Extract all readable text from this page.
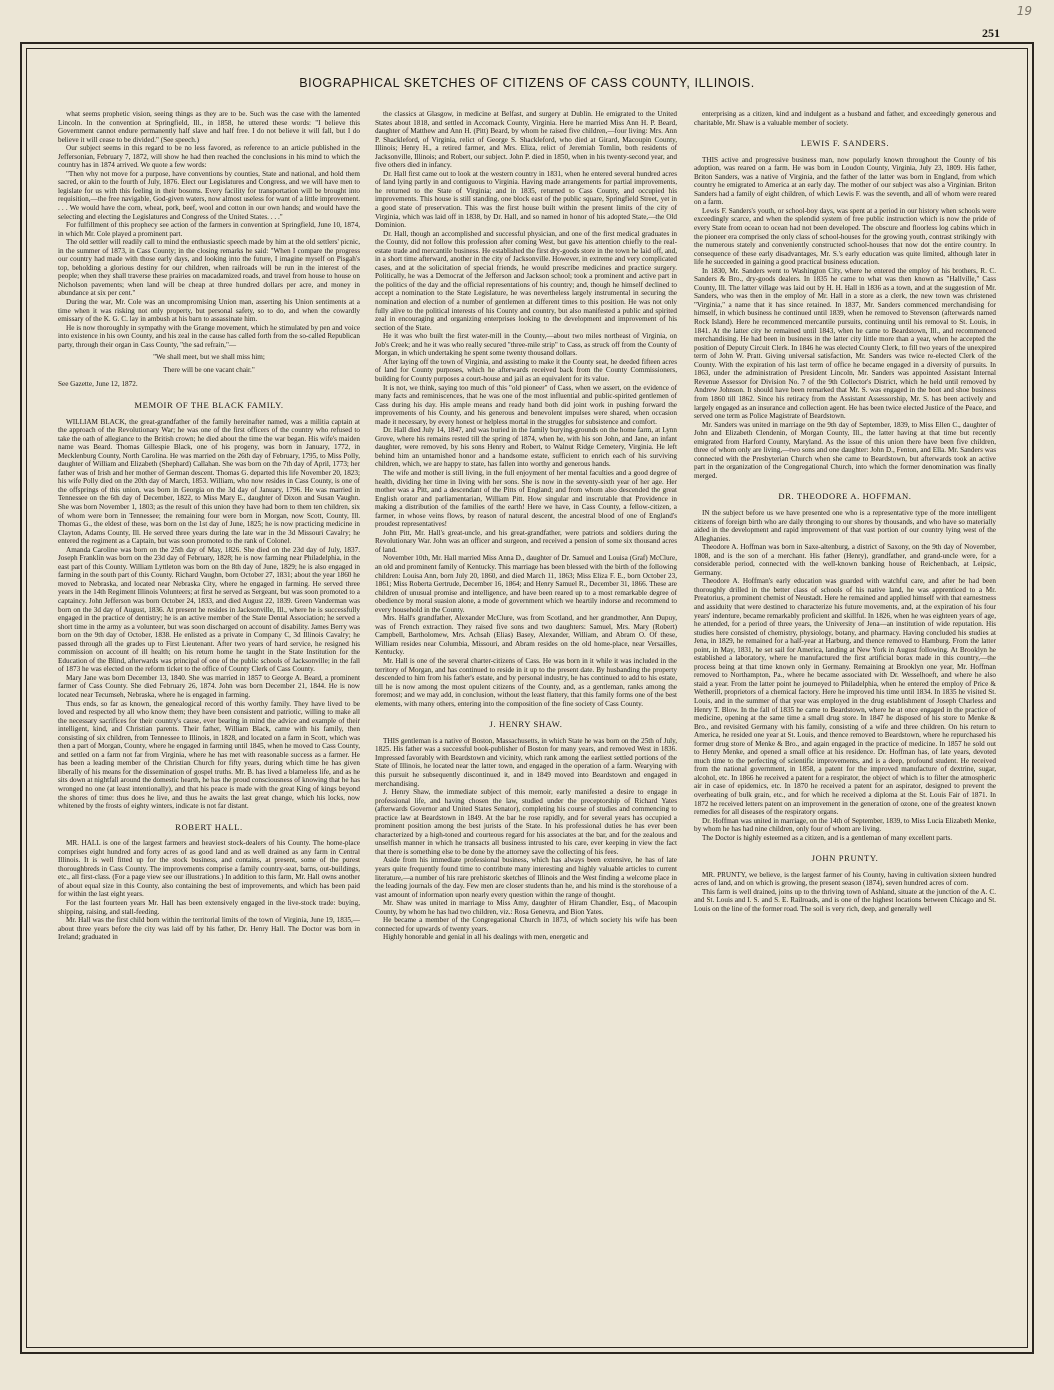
19
251
BIOGRAPHICAL SKETCHES OF CITIZENS OF CASS COUNTY, ILLINOIS.

what seems prophetic vision, seeing things as they are to be. Such was the case with the lamented Lincoln. In the convention at Springfield, Ill., in 1858, he uttered these words: "I believe this Government cannot endure permanently half slave and half free. I do not believe it will fall, but I do believe it will cease to be divided." (See speech.)

Our subject seems in this regard to be no less favored, as reference to an article published in the Jeffersonian, February 7, 1872, will show he had then reached the conclusions in his mind to which the country has in 1874 arrived. We quote a few words:

"Then why not move for a purpose, have conventions by counties, State and national, and hold them sacred, or akin to the fourth of July, 1876. Elect our Legislatures and Congress, and we will have men to legislate for us with this feeling in their bosoms. Every facility for transportation will be brought into requisition,—the free navigable, God-given waters, now almost useless for want of a little improvement. . . . We would have the corn, wheat, pork, beef, wool and cotton in our own hands; and would have the selecting and electing the Legislatures and Congress of the United States. . . ."

For fulfillment of this prophecy see action of the farmers in convention at Springfield, June 10, 1874, in which Mr. Cole played a prominent part.

The old settler will readily call to mind the enthusiastic speech made by him at the old settlers' picnic, in the summer of 1873, in Cass County; in the closing remarks he said: "When I compare the progress our country had made with those early days, and looking into the future, I imagine myself on Pisgah's top, beholding a glorious destiny for our children, when railroads will be run in the interest of the people; when they shall traverse these prairies on macadamized roads, and travel from house to house on Nicholson pavements; when land will be cheap at three hundred dollars per acre, and money in abundance at six per cent."

During the war, Mr. Cole was an uncompromising Union man, asserting his Union sentiments at a time when it was risking not only property, but personal safety, so to do, and when the cowardly emissary of the K. G. C. lay in ambush at his barn to assassinate him.

He is now thoroughly in sympathy with the Grange movement, which he stimulated by pen and voice into existence in his own County, and his zeal in the cause has called forth from the so-called Republican party, through their organ in Cass County, "the sad refrain,"—

"We shall meet, but we shall miss him;

There will be one vacant chair."

See Gazette, June 12, 1872.

MEMOIR OF THE BLACK FAMILY.

WILLIAM BLACK, the great-grandfather of the family hereinafter named, was a militia captain at the approach of the Revolutionary War; he was one of the first officers of the country who refused to take the oath of allegiance to the British crown; he died about the time the war began. His wife's maiden name was Beard. Thomas Gillespie Black, one of his progeny, was born in January, 1772, in Mecklenburg County, North Carolina. He was married on the 26th day of February, 1795, to Miss Polly, daughter of William and Elizabeth (Shephard) Callahan. She was born on the 7th day of April, 1773; her father was of Irish and her mother of German descent. Thomas G. departed this life November 20, 1823; his wife Polly died on the 20th day of March, 1853. William, who now resides in Cass County, is one of the offsprings of this union, was born in Georgia on the 3d day of January, 1796. He was married in Tennessee on the 6th day of December, 1822, to Miss Mary E., daughter of Dixon and Susan Vaughn. She was born November 1, 1803; as the result of this union they have had born to them ten children, six of whom were born in Tennessee; the remaining four were born in Morgan, now Scott, County, Ill. Thomas G., the eldest of these, was born on the 1st day of June, 1825; he is now practicing medicine in Clayton, Adams County, Ill. He served three years during the late war in the 3d Missouri Cavalry; he entered the regiment as a Captain, but was soon promoted to the rank of Colonel.

Amanda Caroline was born on the 25th day of May, 1826. She died on the 23d day of July, 1837. Joseph Franklin was born on the 23d day of February, 1828; he is now farming near Philadelphia, in the east part of this County. William Lyttleton was born on the 8th day of June, 1829; he is also engaged in farming in the south part of this County. Richard Vaughn, born October 27, 1831; about the year 1860 he moved to Nebraska, and located near Nebraska City, where he engaged in farming. He served three years in the 14th Regiment Illinois Volunteers; at first he served as Sergeant, but was soon promoted to a captaincy. John Jefferson was born October 24, 1833, and died August 22, 1839. Green Vanderman was born on the 3d day of August, 1836. At present he resides in Jacksonville, Ill., where he is successfully engaged in the practice of dentistry; he is an active member of the State Dental Association; he served a short time in the army as a volunteer, but was soon discharged on account of disability. James Berry was born on the 9th day of October, 1838. He enlisted as a private in Company C, 3d Illinois Cavalry; he passed through all the grades up to First Lieutenant. After two years of hard service, he resigned his commission on account of ill health; on his return home he taught in the State Institution for the Education of the Blind, afterwards was principal of one of the public schools of Jacksonville; in the fall of 1873 he was elected on the reform ticket to the office of County Clerk of Cass County.

Mary Jane was born December 13, 1840. She was married in 1857 to George A. Beard, a prominent farmer of Cass County. She died February 26, 1874. John was born December 21, 1844. He is now located near Tecumseh, Nebraska, where he is engaged in farming.

Thus ends, so far as known, the genealogical record of this worthy family. They have lived to be loved and respected by all who know them; they have been consistent and patriotic, willing to make all the necessary sacrifices for their country's cause, ever bearing in mind the advice and example of their intelligent, kind, and Christian parents. Their father, William Black, came with his family, then consisting of six children, from Tennessee to Illinois, in 1828, and located on a farm in Scott, which was then a part of Morgan, County, where he engaged in farming until 1845, when he moved to Cass County, and settled on a farm not far from Virginia, where he has met with reasonable success as a farmer. He has been a leading member of the Christian Church for fifty years, during which time he has given liberally of his means for the dissemination of gospel truths. Mr. B. has lived a blameless life, and as he sits down at nightfall around the domestic hearth, he has the proud consciousness of knowing that he has wronged no one (at least intentionally), and that his peace is made with the great King of kings beyond the shores of time: thus does he live, and thus he awaits the last great change, which his locks, now whitened by the frosts of eighty winters, indicate is not far distant.

ROBERT HALL.

MR. HALL is one of the largest farmers and heaviest stock-dealers of his County. The home-place comprises eight hundred and forty acres of as good land and as well drained as any farm in Central Illinois. It is well fitted up for the stock business, and contains, at present, some of the purest thoroughbreds in Cass County. The improvements comprise a family country-seat, barns, out-buildings, etc., all first-class. (For a page view see our illustrations.) In addition to this farm, Mr. Hall owns another of about equal size in this County, also containing the best of improvements, and which has been paid for within the last eight years.

For the last fourteen years Mr. Hall has been extensively engaged in the live-stock trade: buying, shipping, raising, and stall-feeding.

Mr. Hall was the first child born within the territorial limits of the town of Virginia, June 19, 1835,—about three years before the city was laid off by his father, Dr. Henry Hall. The Doctor was born in Ireland; graduated in

the classics at Glasgow, in medicine at Belfast, and surgery at Dublin. He emigrated to the United States about 1818, and settled in Accomack County, Virginia. Here he married Miss Ann H. P. Beard, daughter of Matthew and Ann H. (Pitt) Beard, by whom he raised five children,—four living: Mrs. Ann P. Shackleford, of Virginia, relict of George S. Shackleford, who died at Girard, Macoupin County, Illinois; Henry H., a retired farmer, and Mrs. Eliza, relict of Jeremiah Tomlin, both residents of Jacksonville, Illinois; and Robert, our subject. John P. died in 1850, when in his twenty-second year, and five others died in infancy.

Dr. Hall first came out to look at the western country in 1831, when he entered several hundred acres of land lying partly in and contiguous to Virginia. Having made arrangements for partial improvements, he returned to the State of Virginia; and in 1835, returned to Cass County, and occupied his improvements. This house is still standing, one block east of the public square, Springfield Street, yet in a good state of preservation. This was the first house built within the present limits of the city of Virginia, which was laid off in 1838, by Dr. Hall, and so named in honor of his adopted State,—the Old Dominion.

Dr. Hall, though an accomplished and successful physician, and one of the first medical graduates in the County, did not follow this profession after coming West, but gave his attention chiefly to the real-estate trade and mercantile business. He established the first dry-goods store in the town he laid off, and, in a short time afterward, another in the city of Jacksonville. However, in extreme and very complicated cases, and at the solicitation of special friends, he would prescribe medicines and practice surgery. Politically, he was a Democrat of the Jefferson and Jackson school; took a prominent and active part in the politics of the day and the official representations of his country; and, though he himself declined to accept a nomination to the State Legislature, he was nevertheless largely instrumental in securing the nomination and election of a number of gentlemen at different times to this position. He was not only fully alive to the political interests of his County and country, but also manifested a public and spirited zeal in encouraging and organizing enterprises looking to the development and improvement of his section of the State.

He it was who built the first water-mill in the County,—about two miles northeast of Virginia, on Job's Creek; and he it was who really secured "three-mile strip" to Cass, as struck off from the County of Morgan, in which undertaking he spent some twenty thousand dollars.

After laying off the town of Virginia, and assisting to make it the County seat, he deeded fifteen acres of land for County purposes, which he afterwards received back from the County Commissioners, building for County purposes a court-house and jail as an equivalent for its value.

It is not, we think, saying too much of this "old pioneer" of Cass, when we assert, on the evidence of many facts and reminiscences, that he was one of the most influential and public-spirited gentlemen of Cass during his day. His ample means and ready hand both did joint work in pushing forward the improvements of his County, and his generous and benevolent impulses were shared, when occasion made it necessary, by every honest or helpless mortal in the struggles for subsistence and comfort.

Dr. Hall died July 14, 1847, and was buried in the family burying-grounds on the home farm, at Lynn Grove, where his remains rested till the spring of 1874, when he, with his son John, and Jane, an infant daughter, were removed, by his sons Henry and Robert, to Walnut Ridge Cemetery, Virginia. He left behind him an untarnished honor and a handsome estate, sufficient to enrich each of his surviving children, which, we are happy to state, has fallen into worthy and generous hands.

The wife and mother is still living, in the full enjoyment of her mental faculties and a good degree of health, dividing her time in living with her sons. She is now in the seventy-sixth year of her age. Her mother was a Pitt, and a descendant of the Pitts of England; and from whom also descended the great English orator and parliamentarian, William Pitt. How singular and inscrutable that Providence in making a distribution of the families of the earth! Here we have, in Cass County, a fellow-citizen, a farmer, in whose veins flows, by reason of natural descent, the ancestral blood of one of England's proudest representatives!

John Pitt, Mr. Hall's great-uncle, and his great-grandfather, were patriots and soldiers during the Revolutionary War. John was an officer and surgeon, and received a pension of some six thousand acres of land.

November 10th, Mr. Hall married Miss Anna D., daughter of Dr. Samuel and Louisa (Graf) McClure, an old and prominent family of Kentucky. This marriage has been blessed with the birth of the following children: Louisa Ann, born July 20, 1860, and died March 11, 1863; Miss Eliza F. E., born October 23, 1861; Miss Roberta Gertrude, December 16, 1864; and Henry Samuel R., December 31, 1866. These are children of unusual promise and intelligence, and have been reared up to a most remarkable degree of obedience by moral suasion alone, a mode of government which we heartily indorse and recommend to every household in the County.

Mrs. Hall's grandfather, Alexander McClure, was from Scotland, and her grandmother, Ann Dupuy, was of French extraction. They raised five sons and two daughters: Samuel, Mrs. Mary (Robert) Campbell, Bartholomew, Mrs. Achsah (Elias) Basey, Alexander, William, and Abram O. Of these, William resides near Columbia, Missouri, and Abram resides on the old home-place, near Versailles, Kentucky.

Mr. Hall is one of the several charter-citizens of Cass. He was born in it while it was included in the territory of Morgan, and has continued to reside in it up to the present date. By husbanding the property descended to him from his father's estate, and by personal industry, he has continued to add to his estate, till he is now among the most opulent citizens of the County, and, as a gentleman, ranks among the foremost; and we may add, in conclusion, without the least flattery, that this family forms one of the best elements, with many others, entering into the composition of the fine society of Cass County.

J. HENRY SHAW.

THIS gentleman is a native of Boston, Massachusetts, in which State he was born on the 25th of July, 1825. His father was a successful book-publisher of Boston for many years, and removed West in 1836. Impressed favorably with Beardstown and vicinity, which rank among the earliest settled portions of the State of Illinois, he located near the latter town, and engaged in the operation of a farm. Wearying with this pursuit he subsequently discontinued it, and in 1849 moved into Beardstown and engaged in merchandising.

J. Henry Shaw, the immediate subject of this memoir, early manifested a desire to engage in professional life, and having chosen the law, studied under the preceptorship of Richard Yates (afterwards Governor and United States Senator), completing his course of studies and commencing to practice law at Beardstown in 1849. At the bar he rose rapidly, and for several years has occupied a prominent position among the best jurists of the State. In his professional duties he has ever been characterized by a high-toned and courteous regard for his associates at the bar, and for the zealous and unselfish manner in which he transacts all business intrusted to his care, ever keeping in view the fact that there is something else to be done by the attorney save the collecting of his fees.

Aside from his immediate professional business, which has always been extensive, he has of late years quite frequently found time to contribute many interesting and highly valuable articles to current literature,—a number of his rare prehistoric sketches of Illinois and the West finding a welcome place in the leading journals of the day. Few men are closer students than he, and his mind is the storehouse of a vast amount of information upon nearly every question within the range of thought.

Mr. Shaw was united in marriage to Miss Amy, daughter of Hiram Chandler, Esq., of Macoupin County, by whom he has had two children, viz.: Rosa Genevra, and Bion Yates.

He became a member of the Congregational Church in 1873, of which society his wife has been connected for upwards of twenty years.

Highly honorable and genial in all his dealings with men, energetic and

enterprising as a citizen, kind and indulgent as a husband and father, and exceedingly generous and charitable, Mr. Shaw is a valuable member of society.

LEWIS F. SANDERS.

THIS active and progressive business man, now popularly known throughout the County of his adoption, was reared on a farm. He was born in Loudon County, Virginia, July 23, 1809. His father, Briton Sanders, was a native of Virginia, and the father of the latter was born in England, from which country he emigrated to America at an early day. The mother of our subject was also a Virginian. Briton Sanders had a family of eight children, of which Lewis F. was the seventh, and all of whom were reared on a farm.

Lewis F. Sanders's youth, or school-boy days, was spent at a period in our history when schools were exceedingly scarce, and when the splendid system of free public instruction which is now the pride of every State from ocean to ocean had not been developed. The obscure and floorless log cabins which in the pioneer era comprised the only class of school-houses for the growing youth, contrast strikingly with the numerous stately and conveniently constructed school-houses that now dot the entire country. In consequence of these early disadvantages, Mr. S.'s early education was quite limited, although later in life he succeeded in gaining a good practical business education.

In 1830, Mr. Sanders went to Washington City, where he entered the employ of his brothers, R. C. Sanders & Bro., dry-goods dealers. In 1835 he came to what was then known as "Hallville," Cass County, Ill. The latter village was laid out by H. H. Hall in 1836 as a town, and at the suggestion of Mr. Sanders, who was then in the employ of Mr. Hall in a store as a clerk, the new town was christened "Virginia," a name that it has since retained. In 1837, Mr. Sanders commenced merchandising for himself, in which business he continued until 1839, when he removed to Stevenson (afterwards named Rock Island). Here he recommenced mercantile pursuits, continuing until his removal to St. Louis, in 1841. At the latter city he remained until 1843, when he came to Beardstown, Ill., and recommenced merchandising. He had been in business in the latter city little more than a year, when he accepted the position of Deputy Circuit Clerk. In 1846 he was elected County Clerk, to fill two years of the unexpired term of John W. Pratt. Giving universal satisfaction, Mr. Sanders was twice re-elected Clerk of the County. With the expiration of his last term of office he became engaged in a diversity of pursuits. In 1863, under the administration of President Lincoln, Mr. Sanders was appointed Assistant Internal Revenue Assessor for Division No. 7 of the 9th Collector's District, which he held until removed by Andrew Johnson. It should have been remarked that Mr. S. was engaged in the boot and shoe business from 1860 till 1862. Since his retiracy from the Assistant Assessorship, Mr. S. has been actively and largely engaged as an insurance and collection agent. He has been twice elected Justice of the Peace, and served one term as Police Magistrate of Beardstown.

Mr. Sanders was united in marriage on the 9th day of September, 1839, to Miss Ellen C., daughter of John and Elizabeth Clendenin, of Morgan County, Ill., the latter having at that time but recently emigrated from Harford County, Maryland. As the issue of this union there have been five children, three of whom only are living,—two sons and one daughter: John D., Fenton, and Ella. Mr. Sanders was connected with the Presbyterian Church when she came to Beardstown, but afterwards took an active part in the organization of the Congregational Church, into which the former denomination was finally merged.

DR. THEODORE A. HOFFMAN.

IN the subject before us we have presented one who is a representative type of the more intelligent citizens of foreign birth who are daily thronging to our shores by thousands, and who have so materially aided in the development and rapid improvement of that vast portion of our country lying west of the Alleghanies.

Theodore A. Hoffman was born in Saxe-altenburg, a district of Saxony, on the 9th day of November, 1808, and is the son of a merchant. His father (Henry), grandfather, and grand-uncle were, for a considerable period, connected with the well-known banking house of Reichenbach, at Leipsic, Germany.

Theodore A. Hoffman's early education was guarded with watchful care, and after he had been thoroughly drilled in the better class of schools of his native land, he was apprenticed to a Mr. Preatorius, a prominent chemist of Neustadt. Here he remained and applied himself with that earnestness and assiduity that were destined to characterize his future movements, and, at the expiration of his four years' indenture, became remarkably proficient and skillful. In 1826, when he was eighteen years of age, he attended, for a period of three years, the University of Jena—an institution of wide reputation. His studies here consisted of chemistry, physiology, botany, and pharmacy. Having concluded his studies at Jena, in 1829, he remained for a half-year at Harburg, and thence removed to Hamburg. From the latter point, in May, 1831, he set sail for America, landing at New York in August following. At Brooklyn he established a laboratory, where he manufactured the first artificial borax made in this country,—the process being at that time known only in Germany. Remaining at Brooklyn one year, Mr. Hoffman removed to Northampton, Pa., where he became associated with Dr. Wesselhoeft, and where he also staid a year. From the latter point he journeyed to Philadelphia, when he entered the employ of Price & Wetherill, proprietors of a chemical factory. Here he improved his time until 1834. In 1835 he visited St. Louis, and in the summer of that year was employed in the drug establishment of Joseph Charless and Henry T. Blow. In the fall of 1835 he came to Beardstown, where he at once engaged in the practice of medicine, opening at the same time a small drug store. In 1847 he disposed of his store to Menke & Bro., and revisited Germany with his family, consisting of a wife and three children. On his return to America, he resided one year at St. Louis, and thence removed to Beardstown, where he repurchased his former drug store of Menke & Bro., and again engaged in the practice of medicine. In 1857 he sold out to Henry Menke, and opened a small office at his residence. Dr. Hoffman has, of late years, devoted much time to the perfecting of scientific improvements, and is a deep, profound student. He received from the national government, in 1858, a patent for the improved manufacture of dextrine, sugar, alcohol, etc. In 1866 he received a patent for a respirator, the object of which is to filter the atmospheric air in case of epidemics, etc. In 1870 he received a patent for an aspirator, designed to prevent the overheating of bulk grain, etc., and for which he received a diploma at the St. Louis Fair of 1871. In 1872 he received letters patent on an improvement in the generation of ozone, one of the greatest known remedies for all diseases of the respiratory organs.

Dr. Hoffman was united in marriage, on the 14th of September, 1839, to Miss Lucia Elizabeth Menke, by whom he has had nine children, only four of whom are living.

The Doctor is highly esteemed as a citizen, and is a gentleman of many excellent parts.

JOHN PRUNTY.

MR. PRUNTY, we believe, is the largest farmer of his County, having in cultivation sixteen hundred acres of land, and on which is growing, the present season (1874), seven hundred acres of corn.

This farm is well drained, joins up to the thriving town of Ashland, situate at the junction of the A. C. and St. Louis and I. S. and S. E. Railroads, and is one of the highest locations between Chicago and St. Louis on the line of the former road. The soil is very rich, deep, and generally well
